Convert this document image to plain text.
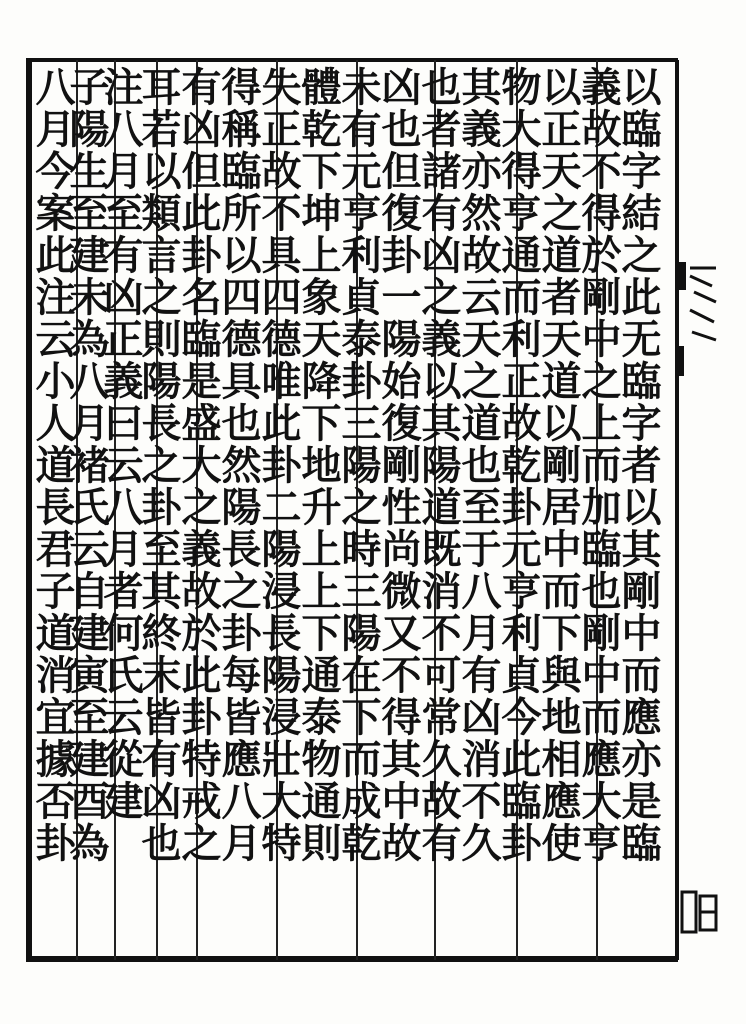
以臨字結之此无臨字者以其剛中而應亦是臨
義故不得於剛中之上而加臨也剛中而應大亨
以正天之道者天道以剛居中而下與地相應使
物大得亨通而利正故乾卦元亨利貞今此臨卦
其義亦然故云天之道也至于八月有凶消不久
也者諸有凶之義以其陽道既消不可常久故有
凶也但復卦一陽始復剛性尚微又不得其中故
未有元亨利貞泰卦三陽之時三陽在下而成乾
體乾下坤上象天降下地升上上下通泰物通則
失正故不具四德唯此卦二陽浸長陽浸壯大特
得稱臨所以四德具也然陽長之卦每皆應八月
有凶但此卦名臨是盛大之義故於此卦特戒之
耳若以類言之則陽長之卦至其終末皆有凶也
注八月至有凶正義曰云八月者何氏云從建
子陽生至建未為八月褚氏云自建寅至建酉為
八月今案此注云小人道長君子道消宜據否卦
